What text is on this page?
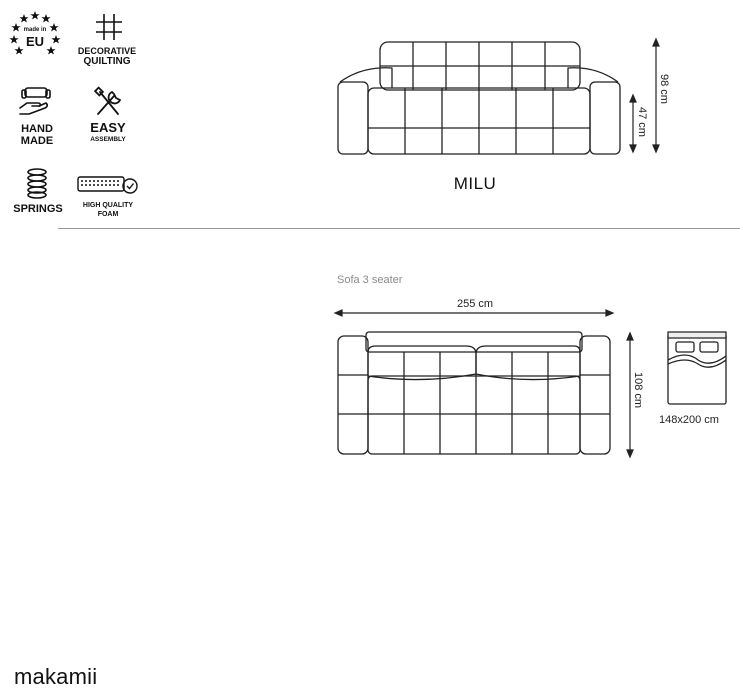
made in
EU
DECORATIVE
QUILTING
HAND
MADE
EASY
ASSEMBLY
SPRINGS	HIGH QUALITY
FOAM
98 cm
47 cm
MILU
Sofa 3 seater
255 cm
108 cm
148x200 cm
makamii
